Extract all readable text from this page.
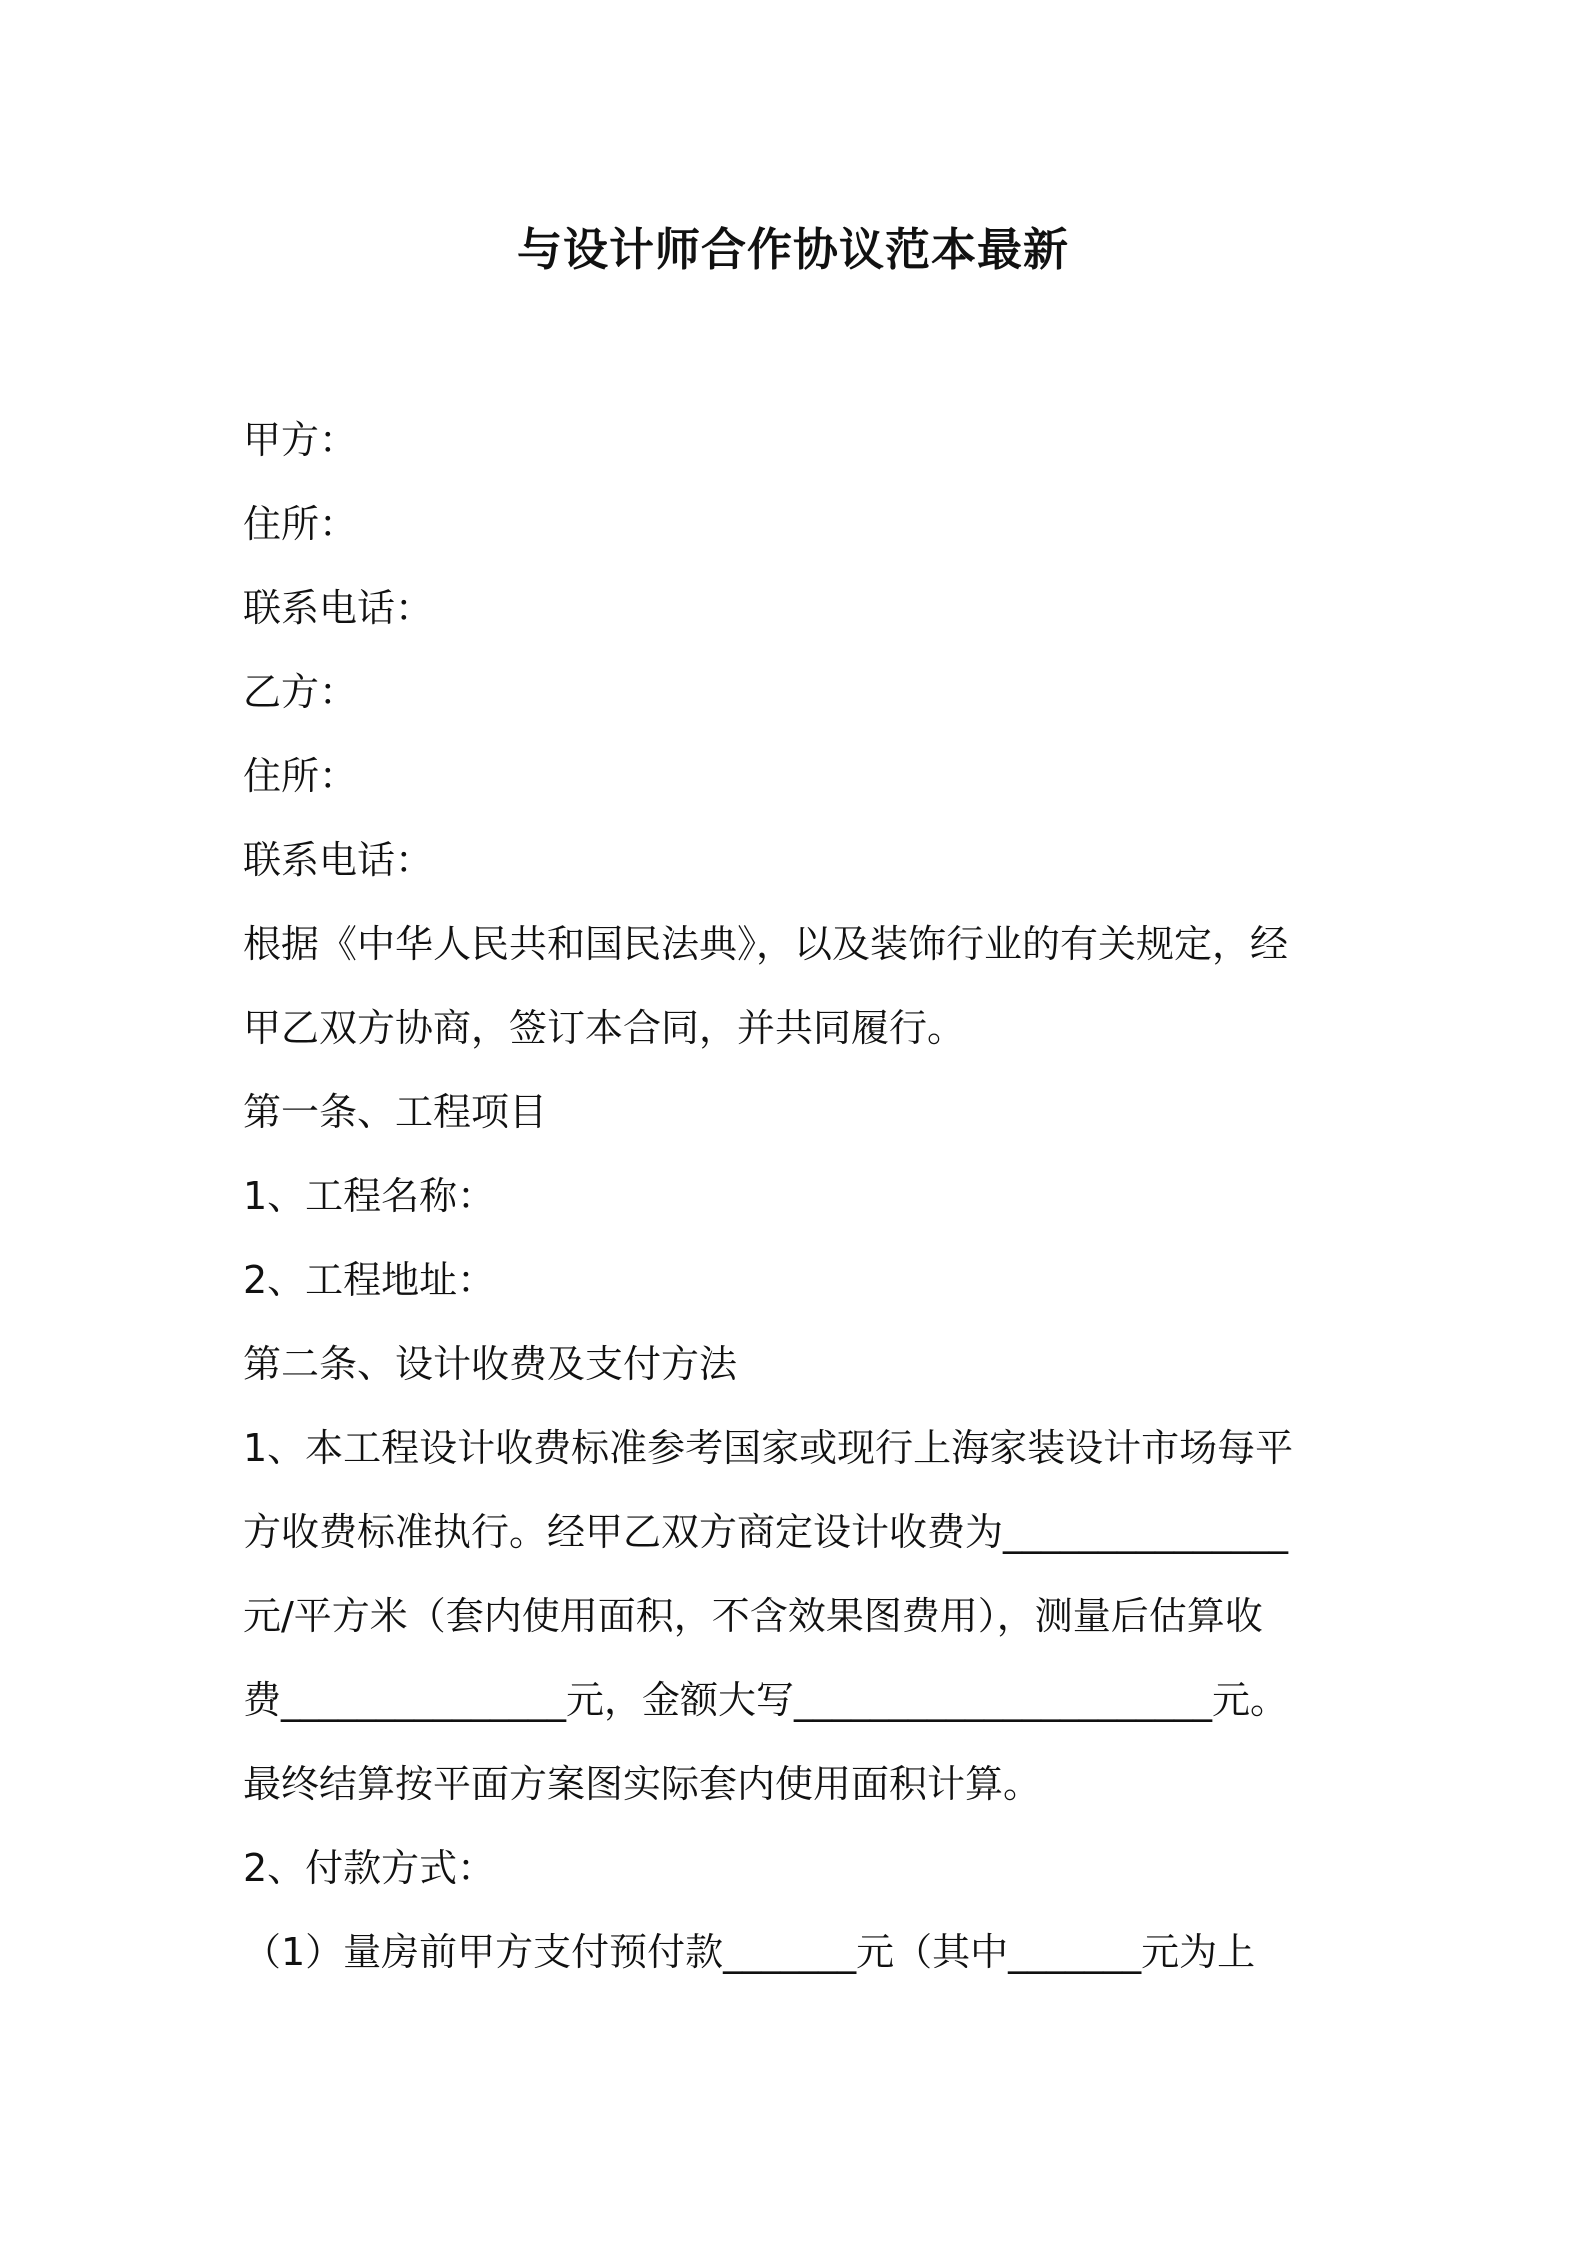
与设计师合作协议范本最新

甲方：

住所：

联系电话：

乙方：

住所：

联系电话：

根据《中华人民共和国民法典》，以及装饰行业的有关规定，经

甲乙双方协商，签订本合同，并共同履行。

第一条、工程项目

1、工程名称：

2、工程地址：

第二条、设计收费及支付方法

1、本工程设计收费标准参考国家或现行上海家装设计市场每平

方收费标准执行。经甲乙双方商定设计收费为_______________

元/平方米（套内使用面积，不含效果图费用），测量后估算收

费_______________元，金额大写______________________元。

最终结算按平面方案图实际套内使用面积计算。

2、付款方式：

（1）量房前甲方支付预付款_______元（其中_______元为上
